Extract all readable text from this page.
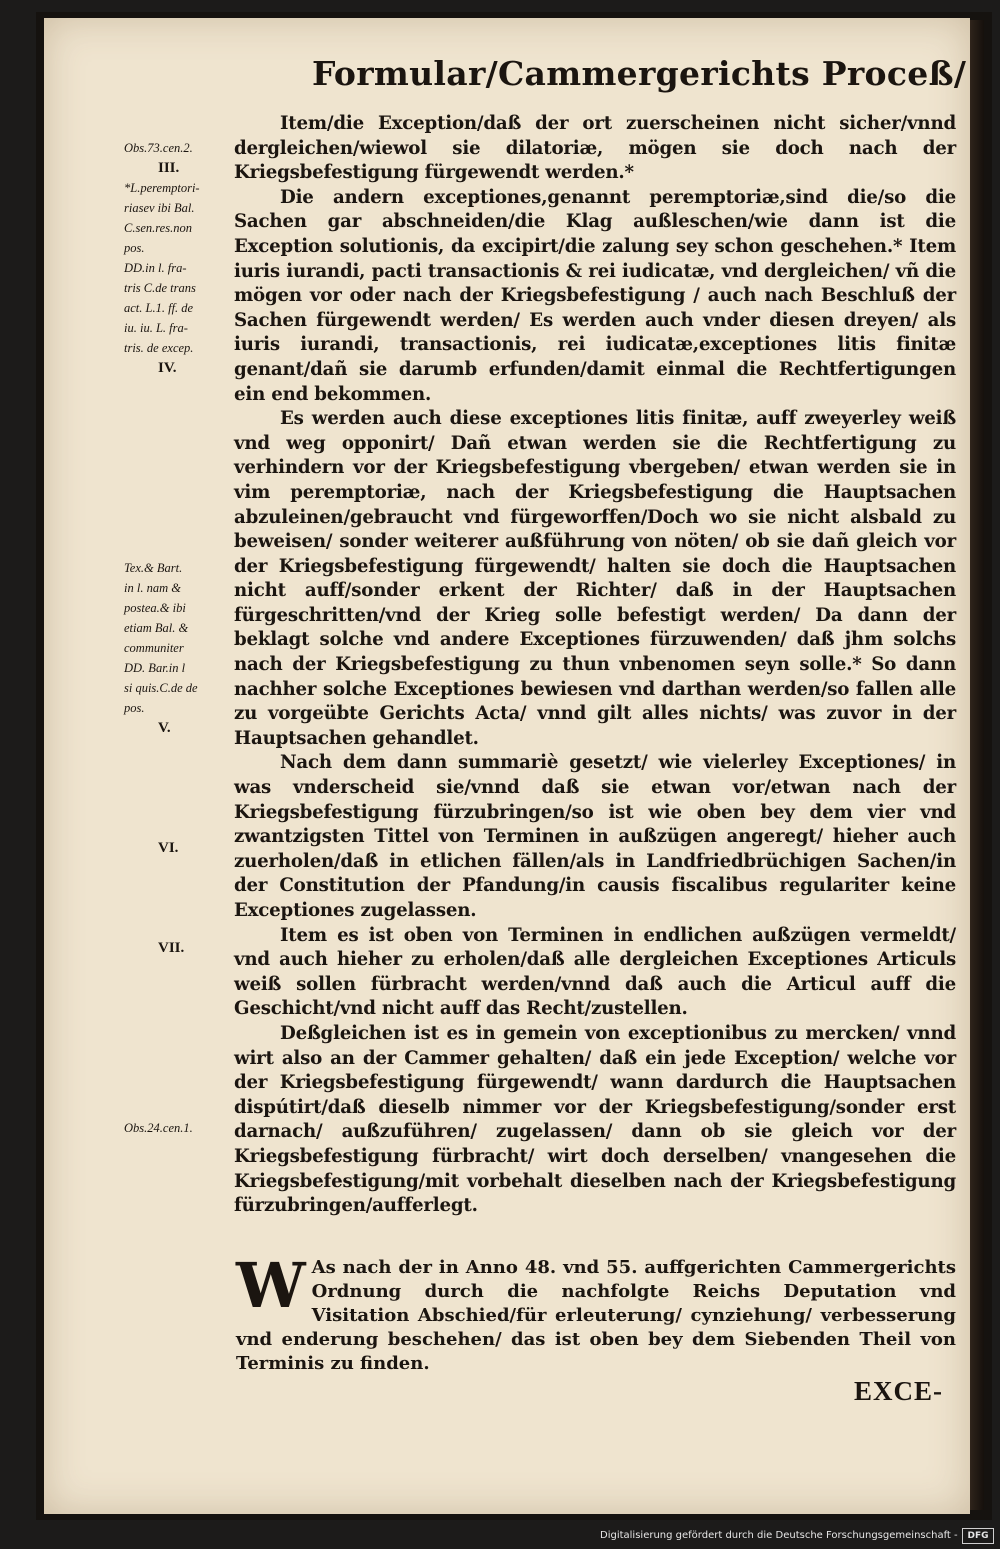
Formular/Cammergerichts Proceß/
Obs.73.cen.2.
III.
*L.peremptori-
riasev ibi Bal.
C.sen.res.non
pos.
DD.in l. fra-
tris C.de trans
act. L.1. ff. de
iu. iu. L. fra-
tris. de excep.
IV.

Tex.& Bart.
in l. nam &
postea.& ibi
etiam Bal. &
communiter
DD. Bar.in l
si quis.C.de de
pos.
V.

VI.

VII.

Obs.24.cen.1.

Item/die Exception/daß der ort zuerscheinen nicht sicher/vnnd dergleichen/wiewol sie dilatoriæ, mögen sie doch nach der Kriegsbefestigung fürgewendt werden.*

Die andern exceptiones,genannt peremptoriæ,sind die/so die Sachen gar abschneiden/die Klag außleschen/wie dann ist die Exception solutionis, da excipirt/die zalung sey schon geschehen.* Item iuris iurandi, pacti transactionis & rei iudicatæ, vnd dergleichen/ vñ die mögen vor oder nach der Kriegsbefestigung / auch nach Beschluß der Sachen fürgewendt werden/ Es werden auch vnder diesen dreyen/ als iuris iurandi, transactionis, rei iudicatæ,exceptiones litis finitæ genant/dañ sie darumb erfunden/damit einmal die Rechtfertigungen ein end bekommen.

Es werden auch diese exceptiones litis finitæ, auff zweyerley weiß vnd weg opponirt/ Dañ etwan werden sie die Rechtfertigung zu verhindern vor der Kriegsbefestigung vbergeben/ etwan werden sie in vim peremptoriæ, nach der Kriegsbefestigung die Hauptsachen abzuleinen/gebraucht vnd fürgeworffen/Doch wo sie nicht alsbald zu beweisen/ sonder weiterer außführung von nöten/ ob sie dañ gleich vor der Kriegsbefestigung fürgewendt/ halten sie doch die Hauptsachen nicht auff/sonder erkent der Richter/ daß in der Hauptsachen fürgeschritten/vnd der Krieg solle befestigt werden/ Da dann der beklagt solche vnd andere Exceptiones fürzuwenden/ daß jhm solchs nach der Kriegsbefestigung zu thun vnbenomen seyn solle.* So dann nachher solche Exceptiones bewiesen vnd darthan werden/so fallen alle zu vorgeübte Gerichts Acta/ vnnd gilt alles nichts/ was zuvor in der Hauptsachen gehandlet.

Nach dem dann summariè gesetzt/ wie vielerley Exceptiones/ in was vnderscheid sie/vnnd daß sie etwan vor/etwan nach der Kriegsbefestigung fürzubringen/so ist wie oben bey dem vier vnd zwantzigsten Tittel von Terminen in außzügen angeregt/ hieher auch zuerholen/daß in etlichen fällen/als in Landfriedbrüchigen Sachen/in der Constitution der Pfandung/in causis fiscalibus regulariter keine Exceptiones zugelassen.

Item es ist oben von Terminen in endlichen außzügen vermeldt/ vnd auch hieher zu erholen/daß alle dergleichen Exceptiones Articuls weiß sollen fürbracht werden/vnnd daß auch die Articul auff die Geschicht/vnd nicht auff das Recht/zustellen.

Deßgleichen ist es in gemein von exceptionibus zu mercken/ vnnd wirt also an der Cammer gehalten/ daß ein jede Exception/ welche vor der Kriegsbefestigung fürgewendt/ wann dardurch die Hauptsachen dispútirt/daß dieselb nimmer vor der Kriegsbefestigung/sonder erst darnach/ außzuführen/ zugelassen/ dann ob sie gleich vor der Kriegsbefestigung fürbracht/ wirt doch derselben/ vnangesehen die Kriegsbefestigung/mit vorbehalt dieselben nach der Kriegsbefestigung fürzubringen/aufferlegt.

W As nach der in Anno 48. vnd 55. auffgerichten Cammergerichts Ordnung durch die nachfolgte Reichs Deputation vnd Visitation Abschied/für erleuterung/ cynziehung/ verbesserung vnd enderung beschehen/ das ist oben bey dem Siebenden Theil von Terminis zu finden.
EXCE-
Digitalisierung gefördert durch die Deutsche Forschungsgemeinschaft -	DFG
